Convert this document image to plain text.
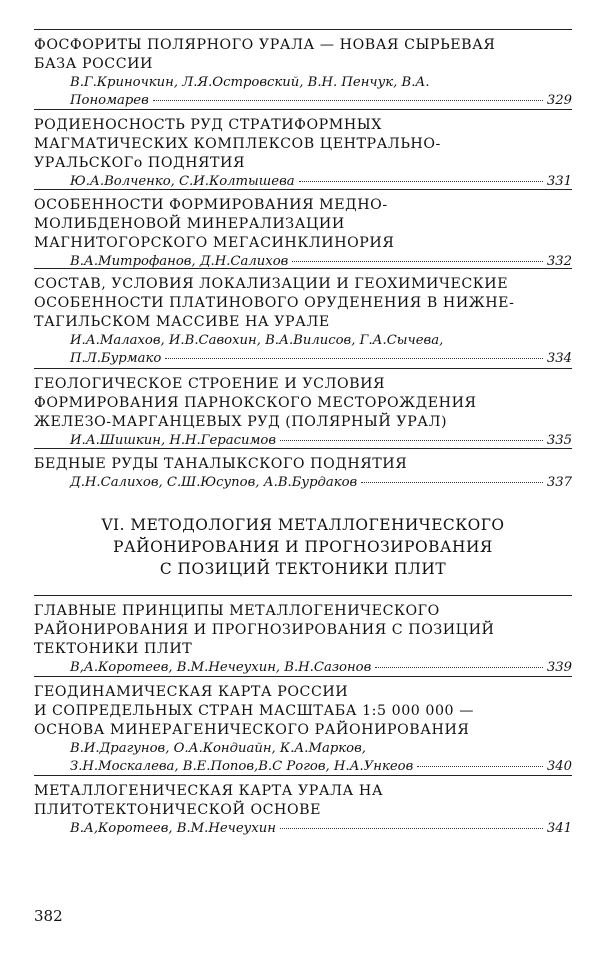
ФОСФОРИТЫ ПОЛЯРНОГО УРАЛА — НОВАЯ СЫРЬЕВАЯ
БАЗА РОССИИ
В.Г.Криночкин, Л.Я.Островский, В.Н. Пенчук, В.А.
Пономарев	329
РОДИЕНОСНОСТЬ РУД СТРАТИФОРМНЫХ
МАГМАТИЧЕСКИХ КОМПЛЕКСОВ ЦЕНТРАЛЬНО-
УРАЛЬСКОГо ПОДНЯТИЯ
Ю.А.Волченко, С.И.Колтышева	331
ОСОБЕННОСТИ ФОРМИРОВАНИЯ МЕДНО-
МОЛИБДЕНОВОЙ МИНЕРАЛИЗАЦИИ
МАГНИТОГОРСКОГО МЕГАСИНКЛИНОРИЯ
В.А.Митрофанов, Д.Н.Салихов	332
СОСТАВ, УСЛОВИЯ ЛОКАЛИЗАЦИИ И ГЕОХИМИЧЕСКИЕ
ОСОБЕННОСТИ ПЛАТИНОВОГО ОРУДЕНЕНИЯ В НИЖНЕ-
ТАГИЛЬСКОМ МАССИВЕ НА УРАЛЕ
И.А.Малахов, И.В.Савохин, В.А.Вилисов, Г.А.Сычева,
П.Л.Бурмако	334
ГЕОЛОГИЧЕСКОЕ СТРОЕНИЕ И УСЛОВИЯ
ФОРМИРОВАНИЯ ПАРНОКСКОГО МЕСТОРОЖДЕНИЯ
ЖЕЛЕЗО-МАРГАНЦЕВЫХ РУД (ПОЛЯРНЫЙ УРАЛ)
И.А.Шишкин, Н.Н.Герасимов	335
БЕДНЫЕ РУДЫ ТАНАЛЫКСКОГО ПОДНЯТИЯ
Д.Н.Салихов, С.Ш.Юсупов, А.В.Бурдаков	337
VI. МЕТОДОЛОГИЯ МЕТАЛЛОГЕНИЧЕСКОГО
РАЙОНИРОВАНИЯ И ПРОГНОЗИРОВАНИЯ
С ПОЗИЦИЙ ТЕКТОНИКИ ПЛИТ
ГЛАВНЫЕ ПРИНЦИПЫ МЕТАЛЛОГЕНИЧЕСКОГО
РАЙОНИРОВАНИЯ И ПРОГНОЗИРОВАНИЯ С ПОЗИЦИЙ
ТЕКТОНИКИ ПЛИТ
В,А.Коротеев, В.М.Нечеухин, В.Н.Сазонов	339
ГЕОДИНАМИЧЕСКАЯ КАРТА РОССИИ
И СОПРЕДЕЛЬНЫХ СТРАН МАСШТАБА 1:5 000 000 —
ОСНОВА МИНЕРАГЕНИЧЕСКОГО РАЙОНИРОВАНИЯ
В.И.Драгунов, О.А.Кондиайн, К.А.Марков,
З.Н.Москалева, В.Е.Попов,В.С Рогов, Н.А.Ункеов	340
МЕТАЛЛОГЕНИЧЕСКАЯ КАРТА УРАЛА НА
ПЛИТОТЕКТОНИЧЕСКОЙ ОСНОВЕ
В.А,Коротеев, В.М.Нечеухин	341
382
